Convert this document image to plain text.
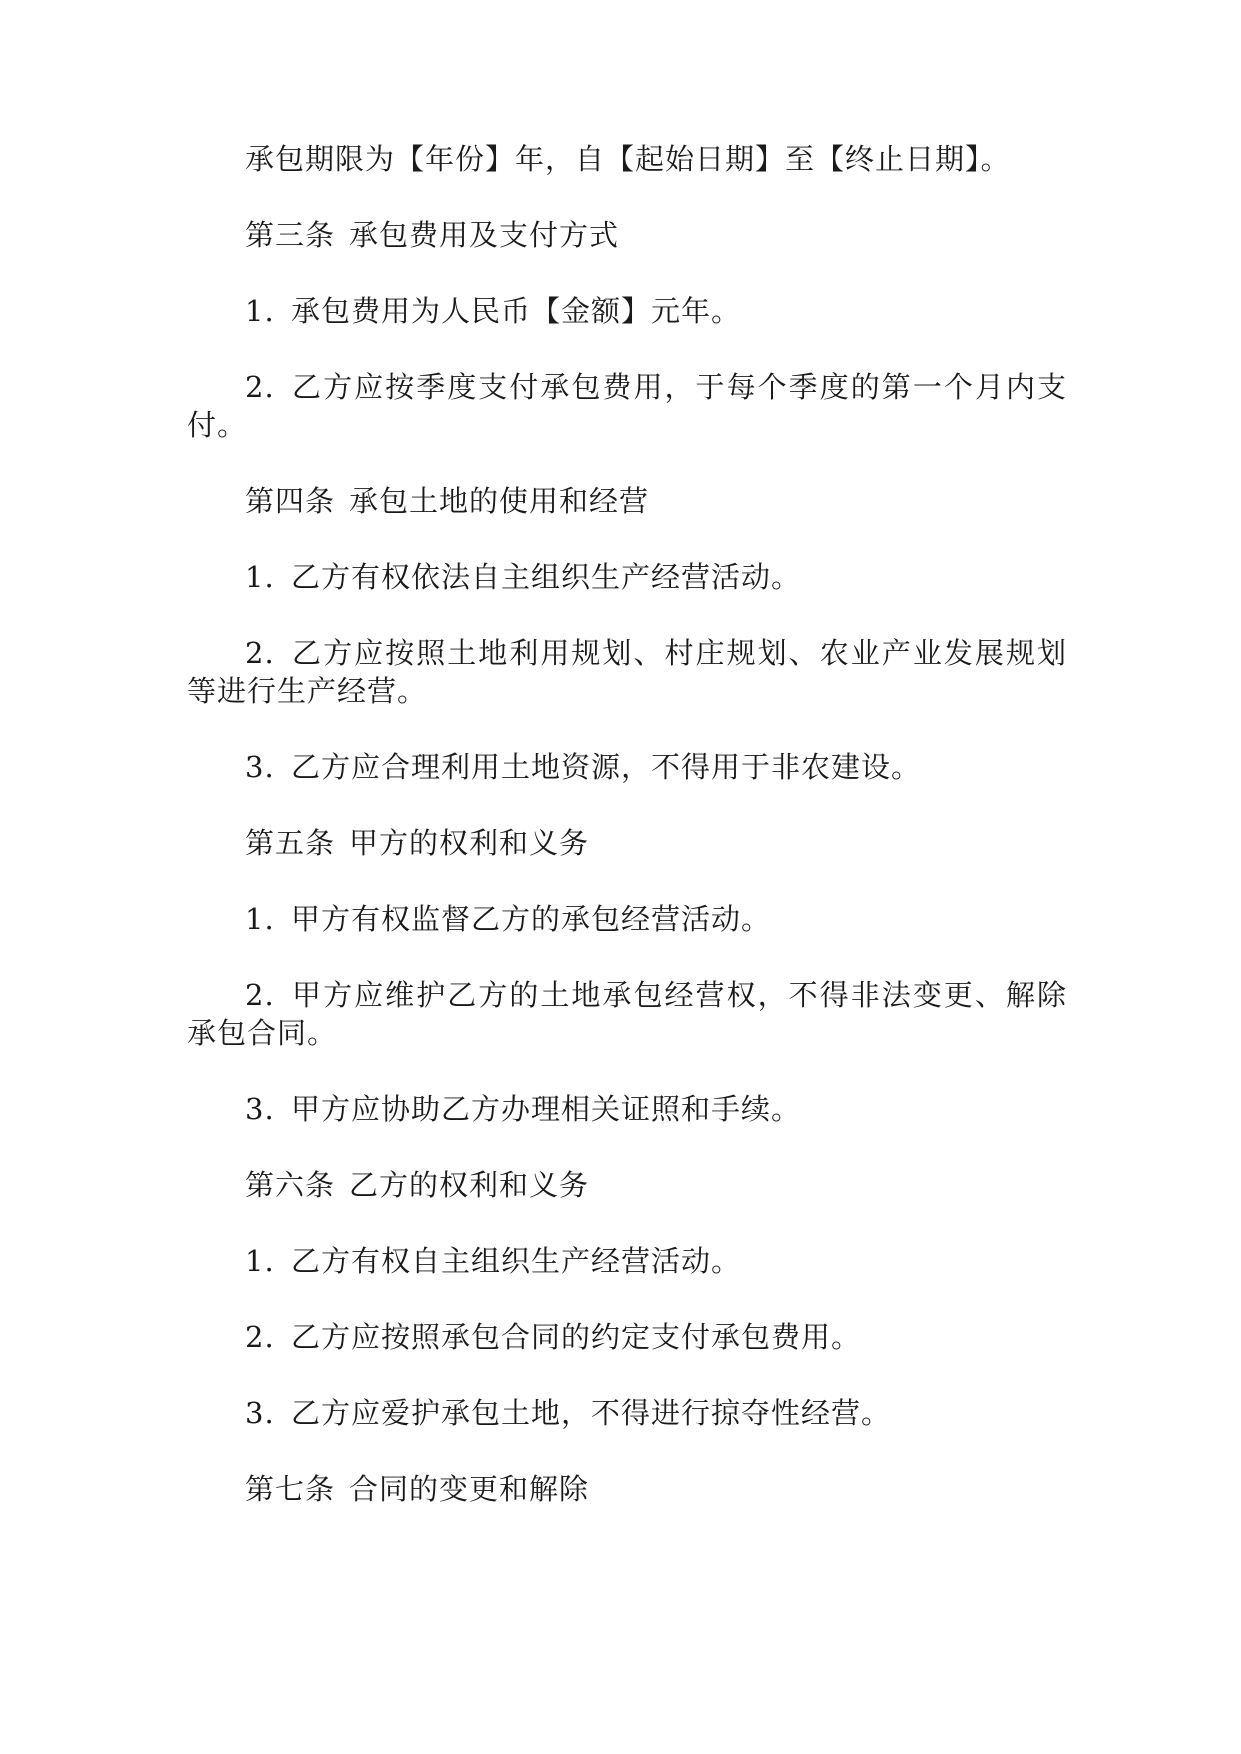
承包期限为【年份】年，自【起始日期】至【终止日期】。

第三条 承包费用及支付方式

1. 承包费用为人民币【金额】元年。

2. 乙方应按季度支付承包费用，于每个季度的第一个月内支付。

第四条 承包土地的使用和经营

1. 乙方有权依法自主组织生产经营活动。

2. 乙方应按照土地利用规划、村庄规划、农业产业发展规划等进行生产经营。

3. 乙方应合理利用土地资源，不得用于非农建设。

第五条 甲方的权利和义务

1. 甲方有权监督乙方的承包经营活动。

2. 甲方应维护乙方的土地承包经营权，不得非法变更、解除承包合同。

3. 甲方应协助乙方办理相关证照和手续。

第六条 乙方的权利和义务

1. 乙方有权自主组织生产经营活动。

2. 乙方应按照承包合同的约定支付承包费用。

3. 乙方应爱护承包土地，不得进行掠夺性经营。

第七条 合同的变更和解除
